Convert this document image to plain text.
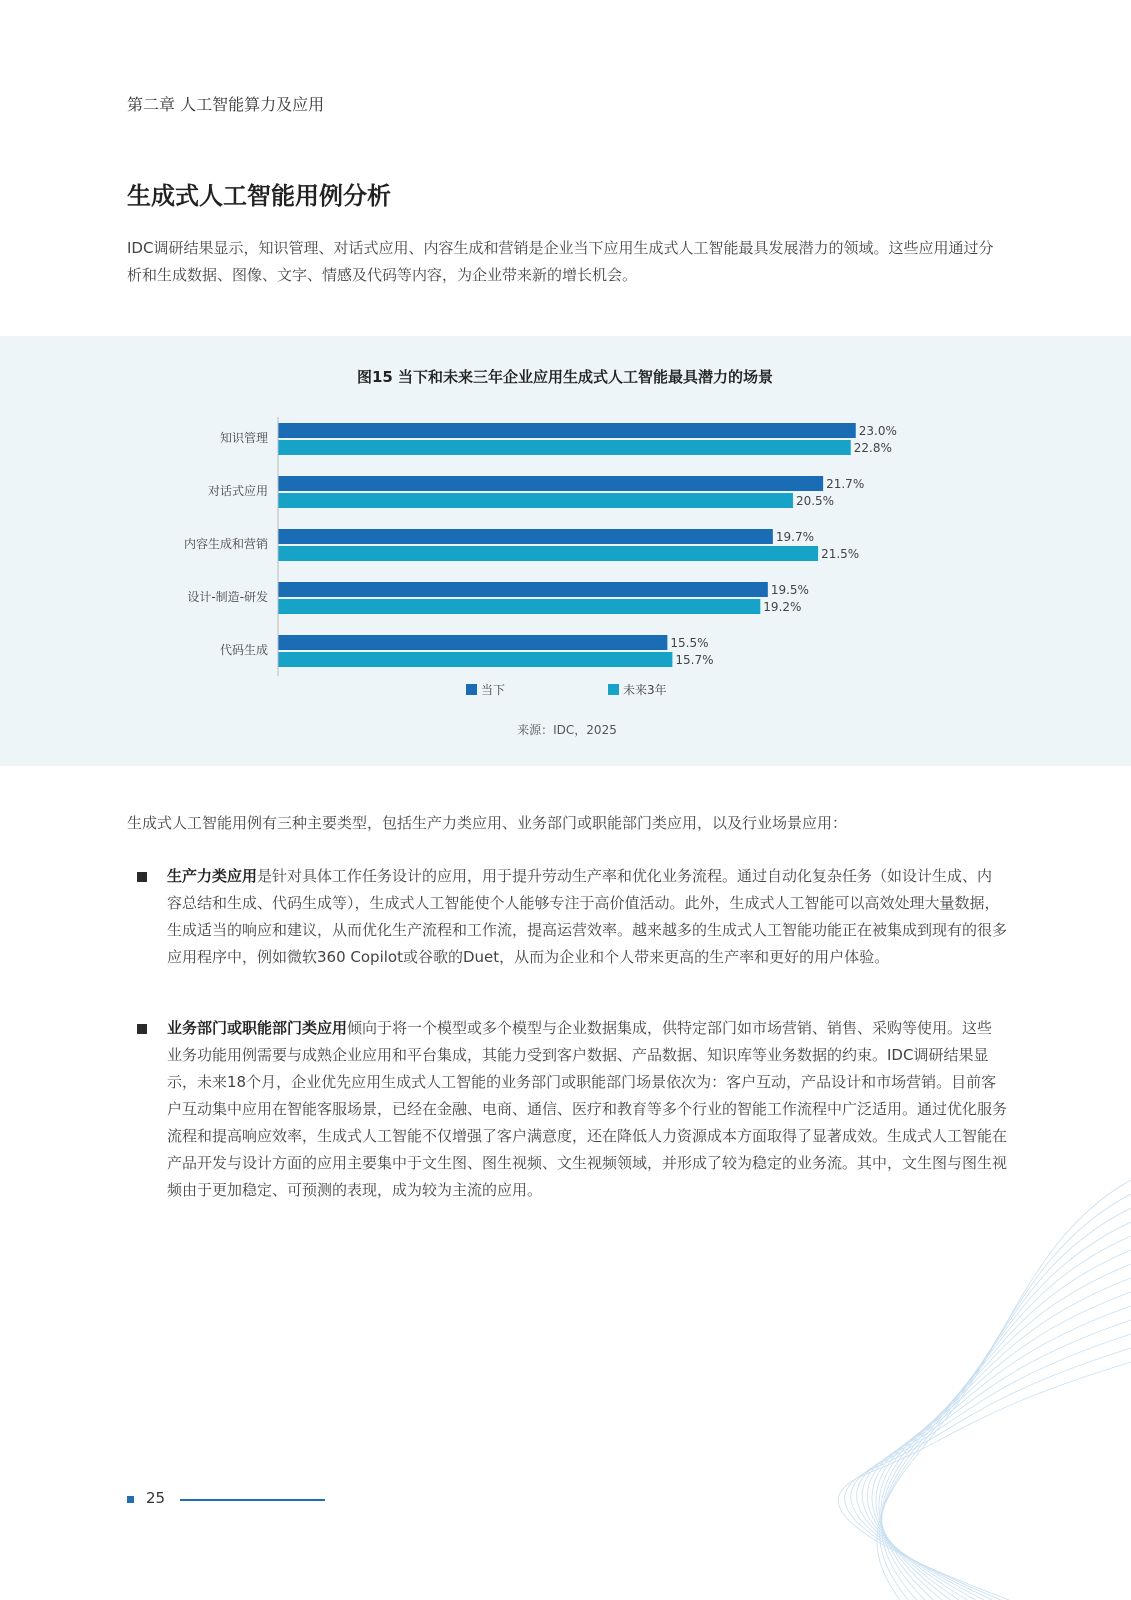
第二章 人工智能算力及应用
生成式人工智能用例分析

IDC调研结果显示，知识管理、对话式应用、内容生成和营销是企业当下应用生成式人工智能最具发展潜力的领域。这些应用通过分析和生成数据、图像、文字、情感及代码等内容，为企业带来新的增长机会。

图15 当下和未来三年企业应用生成式人工智能最具潜力的场景
知识管理	23.0%
22.8%
对话式应用	21.7%
20.5%
内容生成和营销	19.7%
21.5%
设计-制造-研发	19.5%
19.2%
代码生成	15.5%
15.7%
当下	未来3年
来源：IDC，2025

生成式人工智能用例有三种主要类型，包括生产力类应用、业务部门或职能部门类应用，以及行业场景应用：

生产力类应用是针对具体工作任务设计的应用，用于提升劳动生产率和优化业务流程。通过自动化复杂任务（如设计生成、内容总结和生成、代码生成等），生成式人工智能使个人能够专注于高价值活动。此外，生成式人工智能可以高效处理大量数据，生成适当的响应和建议，从而优化生产流程和工作流，提高运营效率。越来越多的生成式人工智能功能正在被集成到现有的很多应用程序中，例如微软360 Copilot或谷歌的Duet，从而为企业和个人带来更高的生产率和更好的用户体验。

业务部门或职能部门类应用倾向于将一个模型或多个模型与企业数据集成，供特定部门如市场营销、销售、采购等使用。这些业务功能用例需要与成熟企业应用和平台集成，其能力受到客户数据、产品数据、知识库等业务数据的约束。IDC调研结果显示，未来18个月，企业优先应用生成式人工智能的业务部门或职能部门场景依次为：客户互动，产品设计和市场营销。目前客户互动集中应用在智能客服场景，已经在金融、电商、通信、医疗和教育等多个行业的智能工作流程中广泛适用。通过优化服务流程和提高响应效率，生成式人工智能不仅增强了客户满意度，还在降低人力资源成本方面取得了显著成效。生成式人工智能在产品开发与设计方面的应用主要集中于文生图、图生视频、文生视频领域，并形成了较为稳定的业务流。其中，文生图与图生视频由于更加稳定、可预测的表现，成为较为主流的应用。

25
